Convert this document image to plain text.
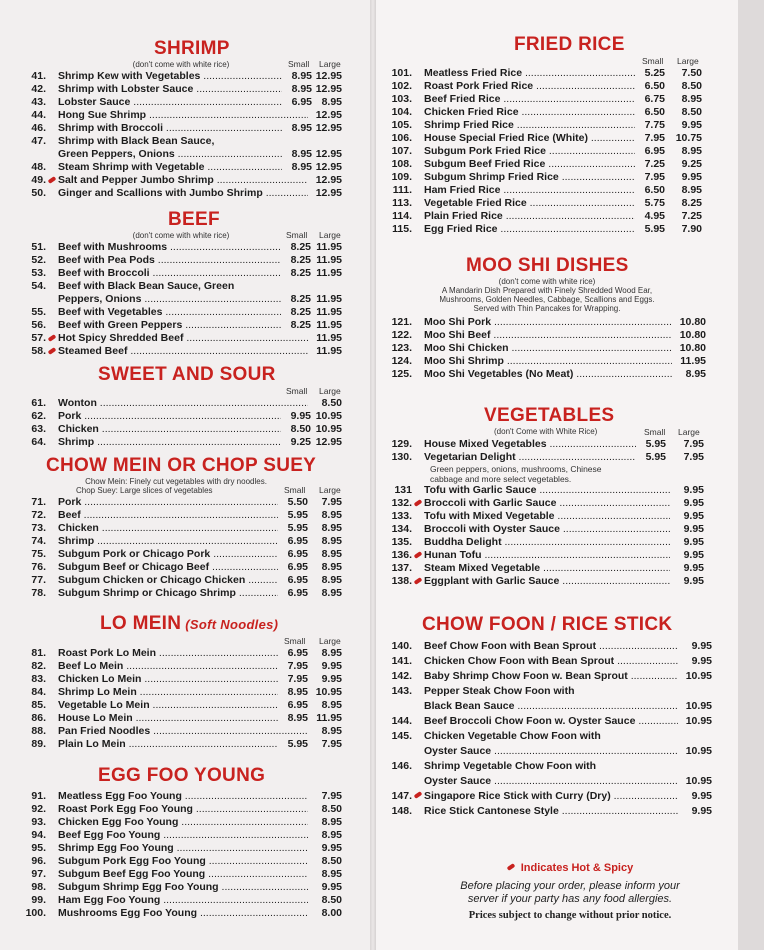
SHRIMP
(don't come with white rice)	Small Large
41. Shrimp Kew with Vegetables .....	8.95 12.95
42. Shrimp with Lobster Sauce .....	8.95 12.95
43. Lobster Sauce .....	6.95 8.95
44. Hong Sue Shrimp .....	12.95
46. Shrimp with Broccoli .....	8.95 12.95
47. Shrimp with Black Bean Sauce,
Green Peppers, Onions .....	8.95 12.95
48. Steam Shrimp with Vegetable .....	8.95 12.95
49. Salt and Pepper Jumbo Shrimp .....	12.95
50. Ginger and Scallions with Jumbo Shrimp .....	12.95
BEEF
(don't come with white rice)	Small Large
51. Beef with Mushrooms .....	8.25 11.95
52. Beef with Pea Pods .....	8.25 11.95
53. Beef with Broccoli .....	8.25 11.95
54. Beef with Black Bean Sauce, Green
Peppers, Onions .....	8.25 11.95
55. Beef with Vegetables .....	8.25 11.95
56. Beef with Green Peppers .....	8.25 11.95
57. Hot Spicy Shredded Beef .....	11.95
58. Steamed Beef .....	11.95
SWEET AND SOUR
Small Large
61. Wonton .....	8.50
62. Pork .....	9.95 10.95
63. Chicken .....	8.50 10.95
64. Shrimp .....	9.25 12.95
CHOW MEIN OR CHOP SUEY
Chow Mein: Finely cut vegetables with dry noodles.
Chop Suey: Large slices of vegetables	Small Large
71. Pork .....	5.50 7.95
72. Beef .....	5.95 8.95
73. Chicken .....	5.95 8.95
74. Shrimp .....	6.95 8.95
75. Subgum Pork or Chicago Pork .....	6.95 8.95
76. Subgum Beef or Chicago Beef .....	6.95 8.95
77. Subgum Chicken or Chicago Chicken .....	6.95 8.95
78. Subgum Shrimp or Chicago Shrimp .....	6.95 8.95
LO MEIN (Soft Noodles)
Small Large
81. Roast Pork Lo Mein .....	6.95 8.95
82. Beef Lo Mein .....	7.95 9.95
83. Chicken Lo Mein .....	7.95 9.95
84. Shrimp Lo Mein .....	8.95 10.95
85. Vegetable Lo Mein .....	6.95 8.95
86. House Lo Mein .....	8.95 11.95
88. Pan Fried Noodles .....	8.95
89. Plain Lo Mein .....	5.95 7.95
EGG FOO YOUNG
91. Meatless Egg Foo Young .....	7.95
92. Roast Pork Egg Foo Young .....	8.50
93. Chicken Egg Foo Young .....	8.95
94. Beef Egg Foo Young .....	8.95
95. Shrimp Egg Foo Young .....	9.95
96. Subgum Pork Egg Foo Young .....	8.50
97. Subgum Beef Egg Foo Young .....	8.95
98. Subgum Shrimp Egg Foo Young .....	9.95
99. Ham Egg Foo Young .....	8.50
100. Mushrooms Egg Foo Young .....	8.00
FRIED RICE
Small Large
101. Meatless Fried Rice .....	5.25 7.50
102. Roast Pork Fried Rice .....	6.50 8.50
103. Beef Fried Rice .....	6.75 8.95
104. Chicken Fried Rice .....	6.50 8.50
105. Shrimp Fried Rice .....	7.75 9.95
106. House Special Fried Rice (White) .....	7.95 10.75
107. Subgum Pork Fried Rice .....	6.95 8.95
108. Subgum Beef Fried Rice .....	7.25 9.25
109. Subgum Shrimp Fried Rice .....	7.95 9.95
111. Ham Fried Rice .....	6.50 8.95
113. Vegetable Fried Rice .....	5.75 8.25
114. Plain Fried Rice .....	4.95 7.25
115. Egg Fried Rice .....	5.95 7.90
MOO SHI DISHES
(don't come with white rice)
A Mandarin Dish Prepared with Finely Shredded Wood Ear,
Mushrooms, Golden Needles, Cabbage, Scallions and Eggs.
Served with Thin Pancakes for Wrapping.
121. Moo Shi Pork .....	10.80
122. Moo Shi Beef .....	10.80
123. Moo Shi Chicken .....	10.80
124. Moo Shi Shrimp .....	11.95
125. Moo Shi Vegetables (No Meat) .....	8.95
VEGETABLES
(don't Come with White Rice)	Small Large
129. House Mixed Vegetables .....	5.95 7.95
130. Vegetarian Delight .....	5.95 7.95
Green peppers, onions, mushrooms, Chinese
cabbage and more select vegetables.
131 Tofu with Garlic Sauce .....	9.95
132. Broccoli with Garlic Sauce .....	9.95
133. Tofu with Mixed Vegetable .....	9.95
134. Broccoli with Oyster Sauce .....	9.95
135. Buddha Delight .....	9.95
136. Hunan Tofu .....	9.95
137. Steam Mixed Vegetable .....	9.95
138. Eggplant with Garlic Sauce .....	9.95
CHOW FOON / RICE STICK
140. Beef Chow Foon with Bean Sprout .....	9.95
141. Chicken Chow Foon with Bean Sprout .....	9.95
142. Baby Shrimp Chow Foon w. Bean Sprout .....	10.95
143. Pepper Steak Chow Foon with
Black Bean Sauce .....	10.95
144. Beef Broccoli Chow Foon w. Oyster Sauce .....	10.95
145. Chicken Vegetable Chow Foon with
Oyster Sauce .....	10.95
146. Shrimp Vegetable Chow Foon with
Oyster Sauce .....	10.95
147. Singapore Rice Stick with Curry (Dry) .....	9.95
148. Rice Stick Cantonese Style .....	9.95
Indicates Hot & Spicy
Before placing your order, please inform your
server if your party has any food allergies.
Prices subject to change without prior notice.
